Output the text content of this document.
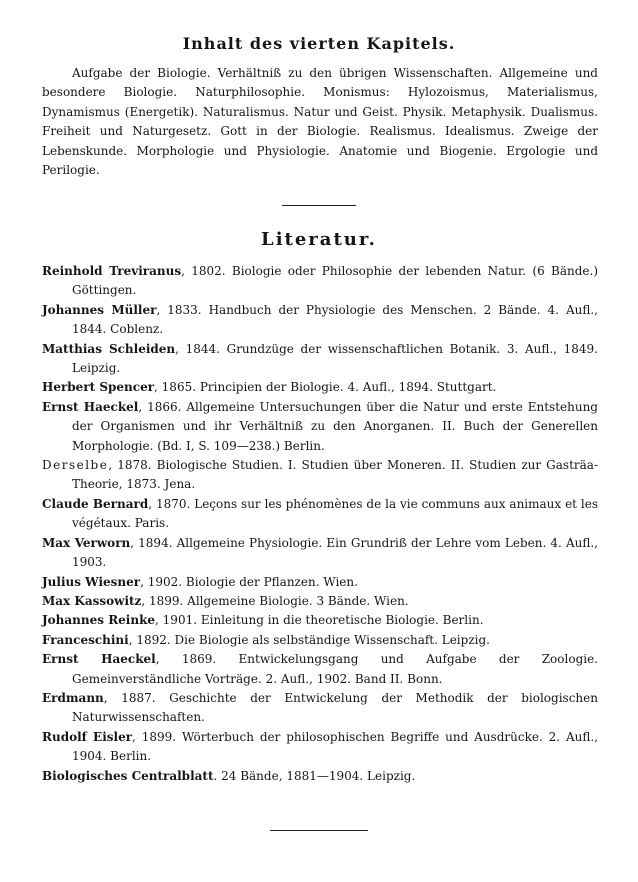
Inhalt des vierten Kapitels.
Aufgabe der Biologie. Verhältniß zu den übrigen Wissenschaften. Allgemeine und besondere Biologie. Naturphilosophie. Monismus: Hylozoismus, Materialismus, Dynamismus (Energetik). Naturalismus. Natur und Geist. Physik. Metaphysik. Dualismus. Freiheit und Naturgesetz. Gott in der Biologie. Realismus. Idealismus. Zweige der Lebenskunde. Morphologie und Physiologie. Anatomie und Biogenie. Ergologie und Perilogie.
Literatur.
Reinhold Treviranus, 1802. Biologie oder Philosophie der lebenden Natur. (6 Bände.) Göttingen.
Johannes Müller, 1833. Handbuch der Physiologie des Menschen. 2 Bände. 4. Aufl., 1844. Coblenz.
Matthias Schleiden, 1844. Grundzüge der wissenschaftlichen Botanik. 3. Aufl., 1849. Leipzig.
Herbert Spencer, 1865. Principien der Biologie. 4. Aufl., 1894. Stuttgart.
Ernst Haeckel, 1866. Allgemeine Untersuchungen über die Natur und erste Entstehung der Organismen und ihr Verhältniß zu den Anorganen. II. Buch der Generellen Morphologie. (Bd. I, S. 109—238.) Berlin.
Derselbe, 1878. Biologische Studien. I. Studien über Moneren. II. Studien zur Gasträa-Theorie, 1873. Jena.
Claude Bernard, 1870. Leçons sur les phénomènes de la vie communs aux animaux et les végétaux. Paris.
Max Verworn, 1894. Allgemeine Physiologie. Ein Grundriß der Lehre vom Leben. 4. Aufl., 1903.
Julius Wiesner, 1902. Biologie der Pflanzen. Wien.
Max Kassowitz, 1899. Allgemeine Biologie. 3 Bände. Wien.
Johannes Reinke, 1901. Einleitung in die theoretische Biologie. Berlin.
Franceschini, 1892. Die Biologie als selbständige Wissenschaft. Leipzig.
Ernst Haeckel, 1869. Entwickelungsgang und Aufgabe der Zoologie. Gemeinverständliche Vorträge. 2. Aufl., 1902. Band II. Bonn.
Erdmann, 1887. Geschichte der Entwickelung der Methodik der biologischen Naturwissenschaften.
Rudolf Eisler, 1899. Wörterbuch der philosophischen Begriffe und Ausdrücke. 2. Aufl., 1904. Berlin.
Biologisches Centralblatt. 24 Bände, 1881—1904. Leipzig.
